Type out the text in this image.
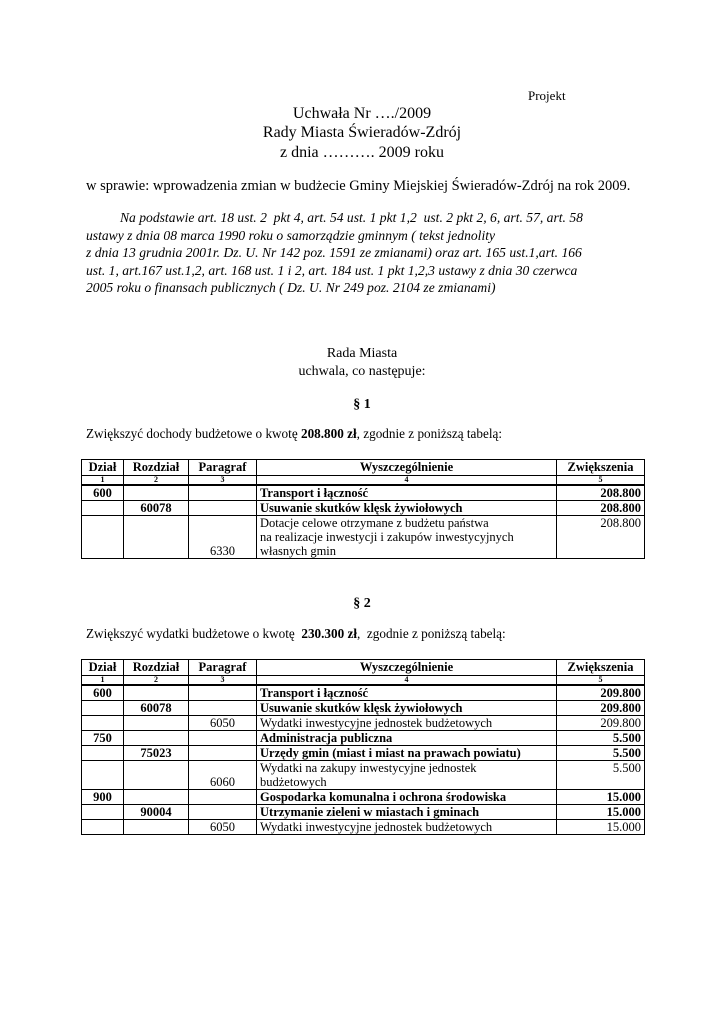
Projekt
Uchwała Nr …./2009
Rady Miasta Świeradów-Zdrój
z dnia ………. 2009 roku
w sprawie: wprowadzenia zmian w budżecie Gminy Miejskiej Świeradów-Zdrój na rok 2009.
Na podstawie art. 18 ust. 2  pkt 4, art. 54 ust. 1 pkt 1,2  ust. 2 pkt 2, 6, art. 57, art. 58
ustawy z dnia 08 marca 1990 roku o samorządzie gminnym ( tekst jednolity
z dnia 13 grudnia 2001r. Dz. U. Nr 142 poz. 1591 ze zmianami) oraz art. 165 ust.1,art. 166
ust. 1, art.167 ust.1,2, art. 168 ust. 1 i 2, art. 184 ust. 1 pkt 1,2,3 ustawy z dnia 30 czerwca
2005 roku o finansach publicznych ( Dz. U. Nr 249 poz. 2104 ze zmianami)
Rada Miasta
uchwala, co następuje:
§ 1
Zwiększyć dochody budżetowe o kwotę 208.800 zł, zgodnie z poniższą tabelą:
Dział	Rozdział	Paragraf	Wyszczególnienie	Zwiększenia
1	2	3	4	5
600			Transport i łączność	208.800
	60078		Usuwanie skutków klęsk żywiołowych	208.800
		6330	Dotacje celowe otrzymane z budżetu państwa
na realizacje inwestycji i zakupów inwestycyjnych
własnych gmin	208.800
§ 2
Zwiększyć wydatki budżetowe o kwotę  230.300 zł,  zgodnie z poniższą tabelą:
Dział	Rozdział	Paragraf	Wyszczególnienie	Zwiększenia
1	2	3	4	5
600			Transport i łączność	209.800
	60078		Usuwanie skutków klęsk żywiołowych	209.800
		6050	Wydatki inwestycyjne jednostek budżetowych	209.800
750			Administracja publiczna	5.500
	75023		Urzędy gmin (miast i miast na prawach powiatu)	5.500
		6060	Wydatki na zakupy inwestycyjne jednostek
budżetowych	5.500
900			Gospodarka komunalna i ochrona środowiska	15.000
	90004		Utrzymanie zieleni w miastach i gminach	15.000
		6050	Wydatki inwestycyjne jednostek budżetowych	15.000
